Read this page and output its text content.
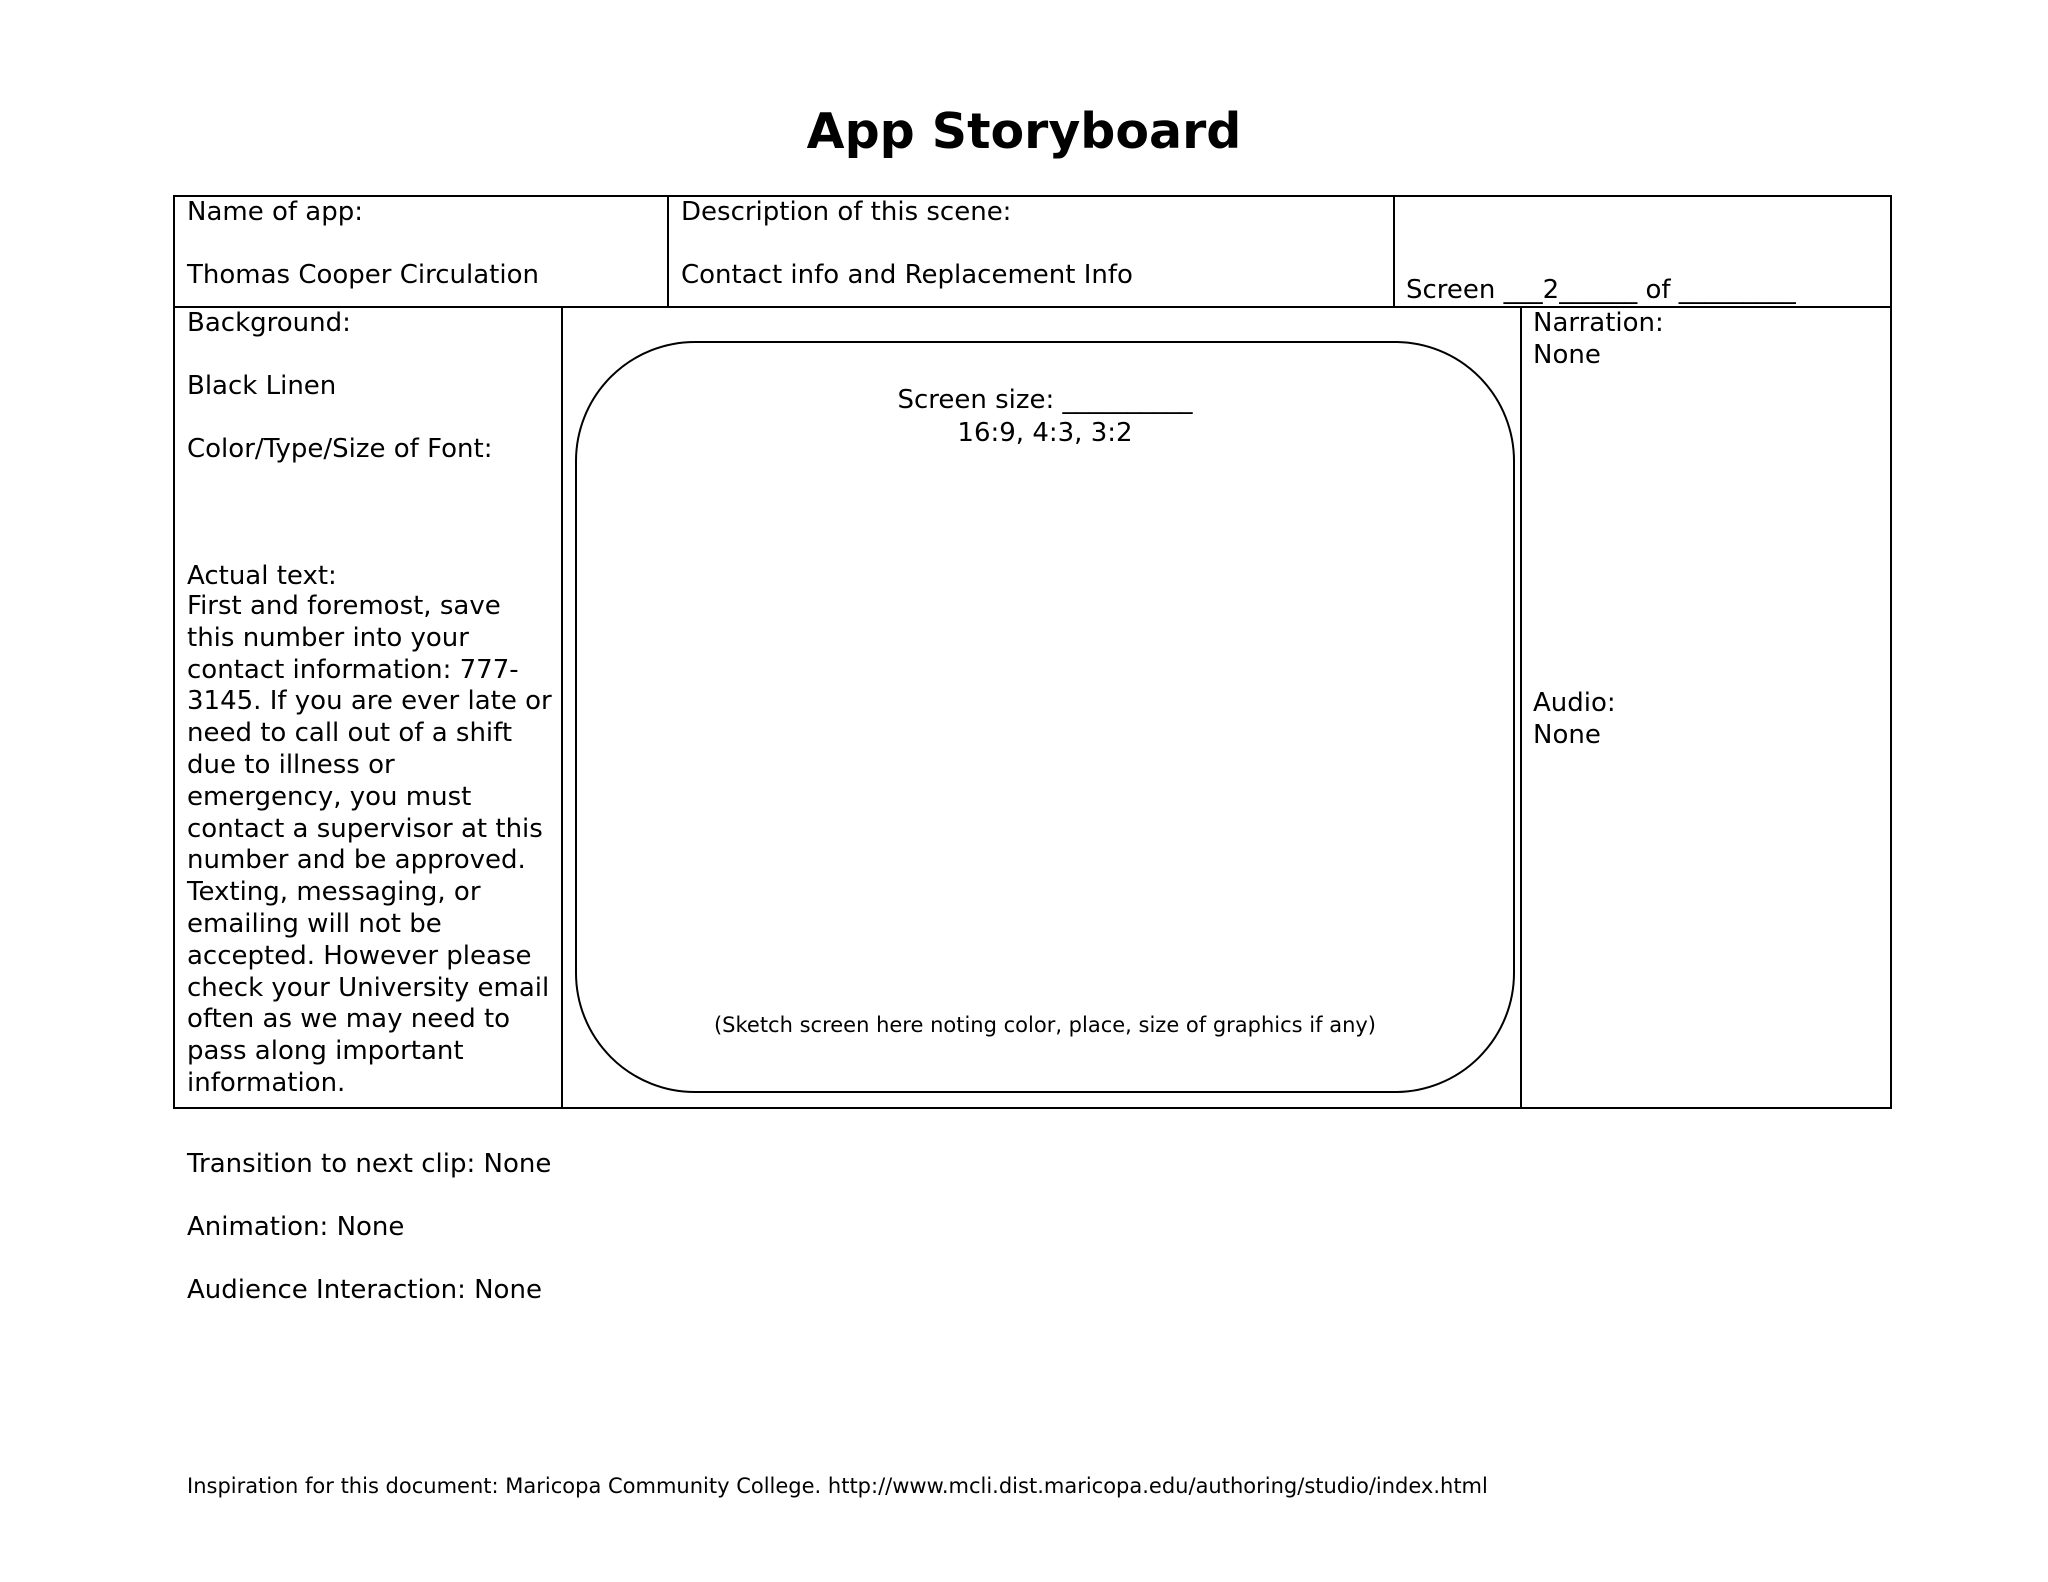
App Storyboard
Name of app:
Thomas Cooper Circulation
Description of this scene:
Contact info and Replacement Info	Screen ___2______ of _________
Background:
Black Linen
Color/Type/Size of Font:
Actual text:
First and foremost, save this number into your contact information: 777-3145. If you are ever late or need to call out of a shift due to illness or emergency, you must contact a supervisor at this number and be approved. Texting, messaging, or emailing will not be accepted. However please check your University email often as we may need to pass along important information.
Screen size: __________
16:9, 4:3, 3:2
(Sketch screen here noting color, place, size of graphics if any)
Narration:
None
Audio:
None
Transition to next clip: None
Animation: None
Audience Interaction: None
Inspiration for this document: Maricopa Community College. http://www.mcli.dist.maricopa.edu/authoring/studio/index.html
